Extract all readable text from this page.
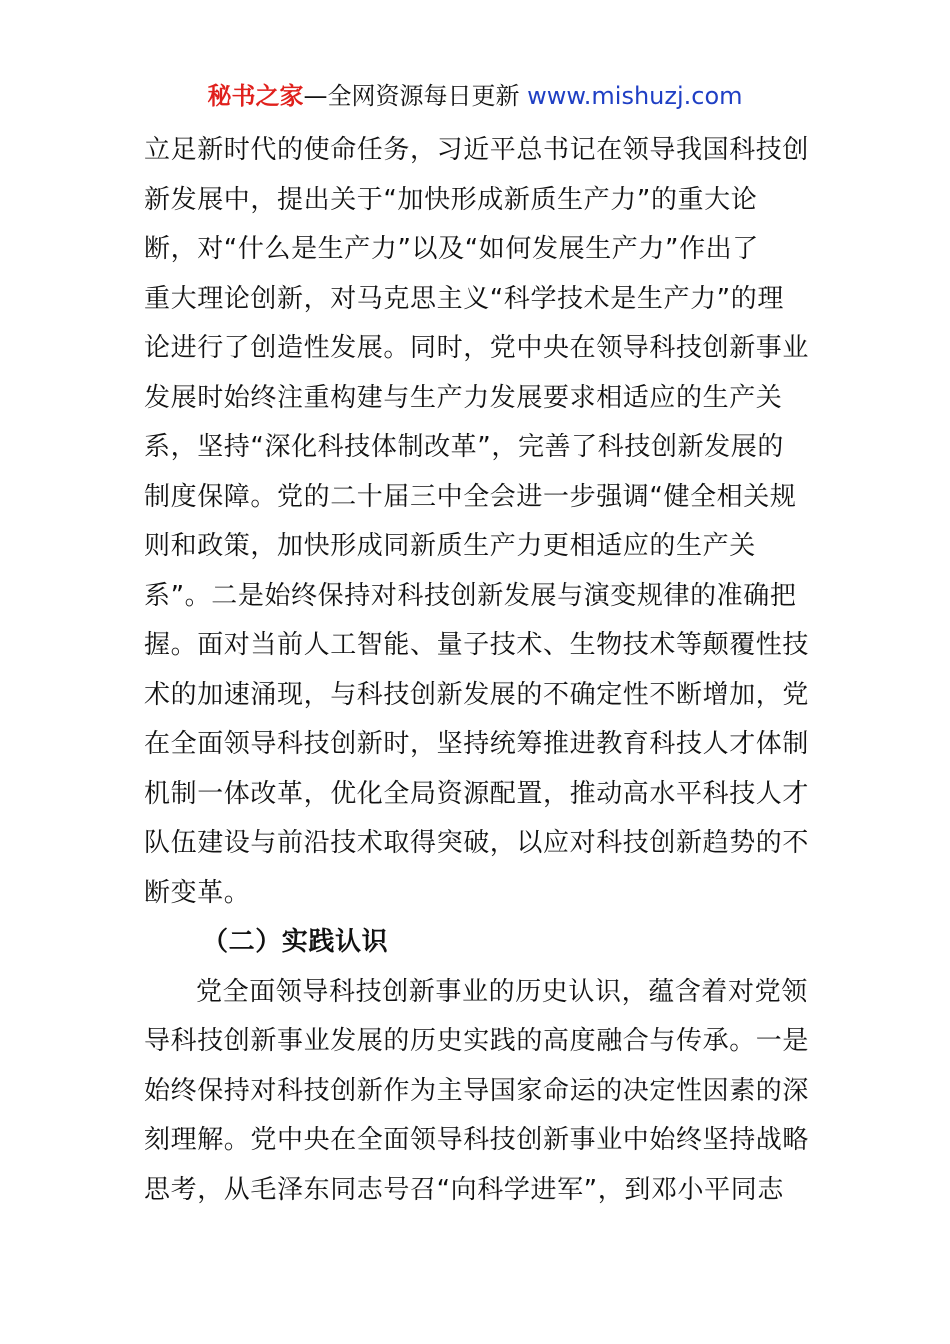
秘书之家—全网资源每日更新 www.mishuzj.com
立足新时代的使命任务，习近平总书记在领导我国科技创
新发展中，提出关于“加快形成新质生产力”的重大论
断，对“什么是生产力”以及“如何发展生产力”作出了
重大理论创新，对马克思主义“科学技术是生产力”的理
论进行了创造性发展。同时，党中央在领导科技创新事业
发展时始终注重构建与生产力发展要求相适应的生产关
系，坚持“深化科技体制改革”，完善了科技创新发展的
制度保障。党的二十届三中全会进一步强调“健全相关规
则和政策，加快形成同新质生产力更相适应的生产关
系”。二是始终保持对科技创新发展与演变规律的准确把
握。面对当前人工智能、量子技术、生物技术等颠覆性技
术的加速涌现，与科技创新发展的不确定性不断增加，党
在全面领导科技创新时，坚持统筹推进教育科技人才体制
机制一体改革，优化全局资源配置，推动高水平科技人才
队伍建设与前沿技术取得突破，以应对科技创新趋势的不
断变革。
（二）实践认识
党全面领导科技创新事业的历史认识，蕴含着对党领
导科技创新事业发展的历史实践的高度融合与传承。一是
始终保持对科技创新作为主导国家命运的决定性因素的深
刻理解。党中央在全面领导科技创新事业中始终坚持战略
思考，从毛泽东同志号召“向科学进军”，到邓小平同志
